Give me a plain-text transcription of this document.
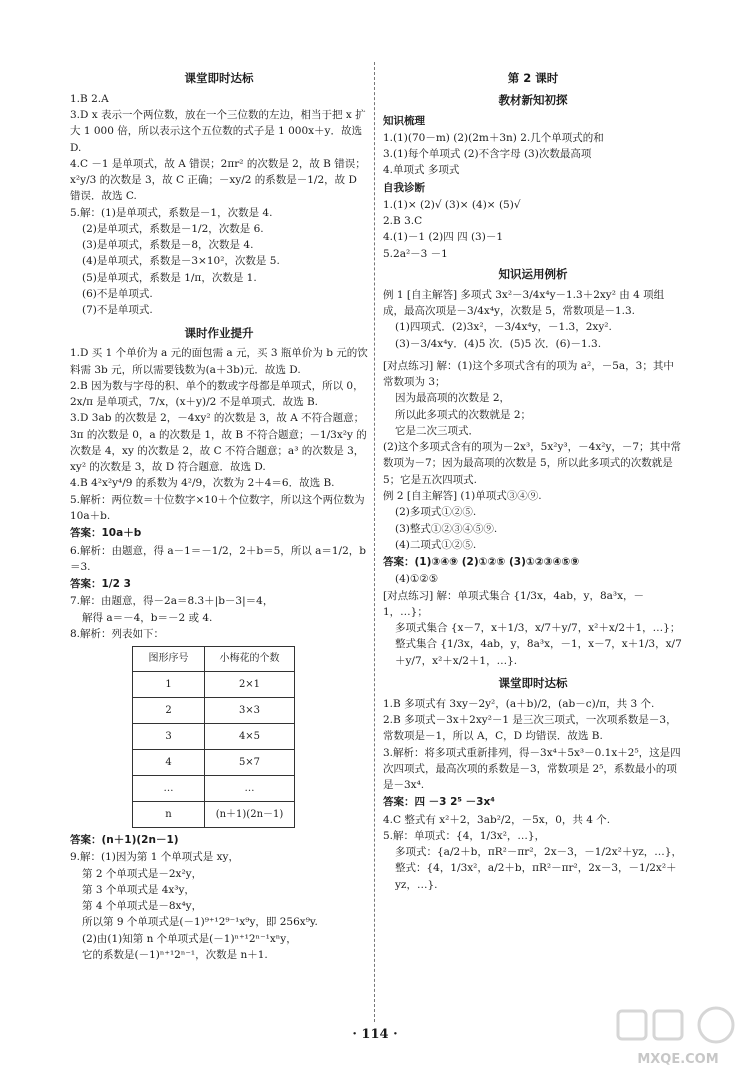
课堂即时达标
1.B 2.A
3.D x 表示一个两位数，放在一个三位数的左边，相当于把 x 扩大 1 000 倍，所以表示这个五位数的式子是 1 000x＋y．故选 D.
4.C －1 是单项式，故 A 错误；2πr² 的次数是 2，故 B 错误；x²y/3 的次数是 3，故 C 正确；－xy/2 的系数是－1/2，故 D 错误．故选 C.
5.解：(1)是单项式，系数是－1，次数是 4.
(2)是单项式，系数是－1/2，次数是 6.
(3)是单项式，系数是－8，次数是 4.
(4)是单项式，系数是－3×10²，次数是 5.
(5)是单项式，系数是 1/π，次数是 1.
(6)不是单项式.
(7)不是单项式.
课时作业提升
1.D 买 1 个单价为 a 元的面包需 a 元，买 3 瓶单价为 b 元的饮料需 3b 元，所以需要钱数为(a＋3b)元．故选 D.
2.B 因为数与字母的积、单个的数或字母都是单项式，所以 0，2x/π 是单项式，7/x，(x＋y)/2 不是单项式．故选 B.
3.D 3ab 的次数是 2，－4xy² 的次数是 3，故 A 不符合题意；3π 的次数是 0，a 的次数是 1，故 B 不符合题意；－1/3x²y 的次数是 4，xy 的次数是 2，故 C 不符合题意；a³ 的次数是 3，xy² 的次数是 3，故 D 符合题意．故选 D.
4.B 4²x²y⁴/9 的系数为 4²/9，次数为 2＋4＝6．故选 B.
5.解析：两位数＝十位数字×10＋个位数字，所以这个两位数为 10a＋b.
答案：10a＋b
6.解析：由题意，得 a－1＝－1/2，2＋b＝5，所以 a＝1/2，b＝3.
答案：1/2 3
7.解：由题意，得－2a＝8.3＋|b－3|＝4，
解得 a＝－4，b＝－2 或 4.
8.解析：列表如下：
图形序号	小梅花的个数
1	2×1
2	3×3
3	4×5
4	5×7
…	…
n	(n＋1)(2n－1)
答案：(n＋1)(2n－1)
9.解：(1)因为第 1 个单项式是 xy，
第 2 个单项式是－2x²y，
第 3 个单项式是 4x³y，
第 4 个单项式是－8x⁴y，
所以第 9 个单项式是(－1)⁹⁺¹2⁹⁻¹x⁹y，即 256x⁹y.
(2)由(1)知第 n 个单项式是(－1)ⁿ⁺¹2ⁿ⁻¹xⁿy，
它的系数是(－1)ⁿ⁺¹2ⁿ⁻¹，次数是 n＋1.
第 2 课时
教材新知初探
知识梳理
1.(1)(70－m) (2)(2m＋3n) 2.几个单项式的和
3.(1)每个单项式 (2)不含字母 (3)次数最高项
4.单项式 多项式
自我诊断
1.(1)× (2)√ (3)× (4)× (5)√
2.B 3.C
4.(1)－1 (2)四 四 (3)－1
5.2a²－3 －1
知识运用例析
例 1 [自主解答] 多项式 3x²－3/4x⁴y－1.3＋2xy² 由 4 项组成，最高次项是－3/4x⁴y，次数是 5，常数项是－1.3.
(1)四项式．(2)3x²，－3/4x⁴y，－1.3，2xy².
(3)－3/4x⁴y．(4)5 次．(5)5 次．(6)－1.3.
[对点练习] 解：(1)这个多项式含有的项为 a²，－5a，3；其中常数项为 3；
因为最高项的次数是 2，
所以此多项式的次数就是 2；
它是二次三项式．
(2)这个多项式含有的项为－2x³，5x²y³，－4x²y，－7；其中常数项为－7；因为最高项的次数是 5，所以此多项式的次数就是 5；它是五次四项式.
例 2 [自主解答] (1)单项式③④⑨.
(2)多项式①②⑤.
(3)整式①②③④⑤⑨.
(4)二项式①②⑤.
答案：(1)③④⑨ (2)①②⑤ (3)①②③④⑤⑨
(4)①②⑤
[对点练习] 解：单项式集合 {1/3x，4ab，y，8a³x，－1，…}；
多项式集合 {x－7，x＋1/3，x/7＋y/7，x²＋x/2＋1，…}；
整式集合 {1/3x，4ab，y，8a³x，－1，x－7，x＋1/3，x/7＋y/7，x²＋x/2＋1，…}.
课堂即时达标
1.B 多项式有 3xy－2y²，(a＋b)/2，(ab－c)/π，共 3 个.
2.B 多项式－3x＋2xy²－1 是三次三项式，一次项系数是－3，常数项是－1，所以 A，C，D 均错误．故选 B.
3.解析：将多项式重新排列，得－3x⁴＋5x³－0.1x＋2⁵，这是四次四项式，最高次项的系数是－3，常数项是 2⁵，系数最小的项是－3x⁴.
答案：四 －3 2⁵ －3x⁴
4.C 整式有 x²＋2，3ab²/2，－5x，0，共 4 个.
5.解：单项式：{4，1/3x²，…}，
多项式：{a/2＋b，πR²－πr²，2x－3，－1/2x²＋yz，…}，
整式：{4，1/3x²，a/2＋b，πR²－πr²，2x－3，－1/2x²＋yz，…}.
· 114 ·
MXQE.COM
